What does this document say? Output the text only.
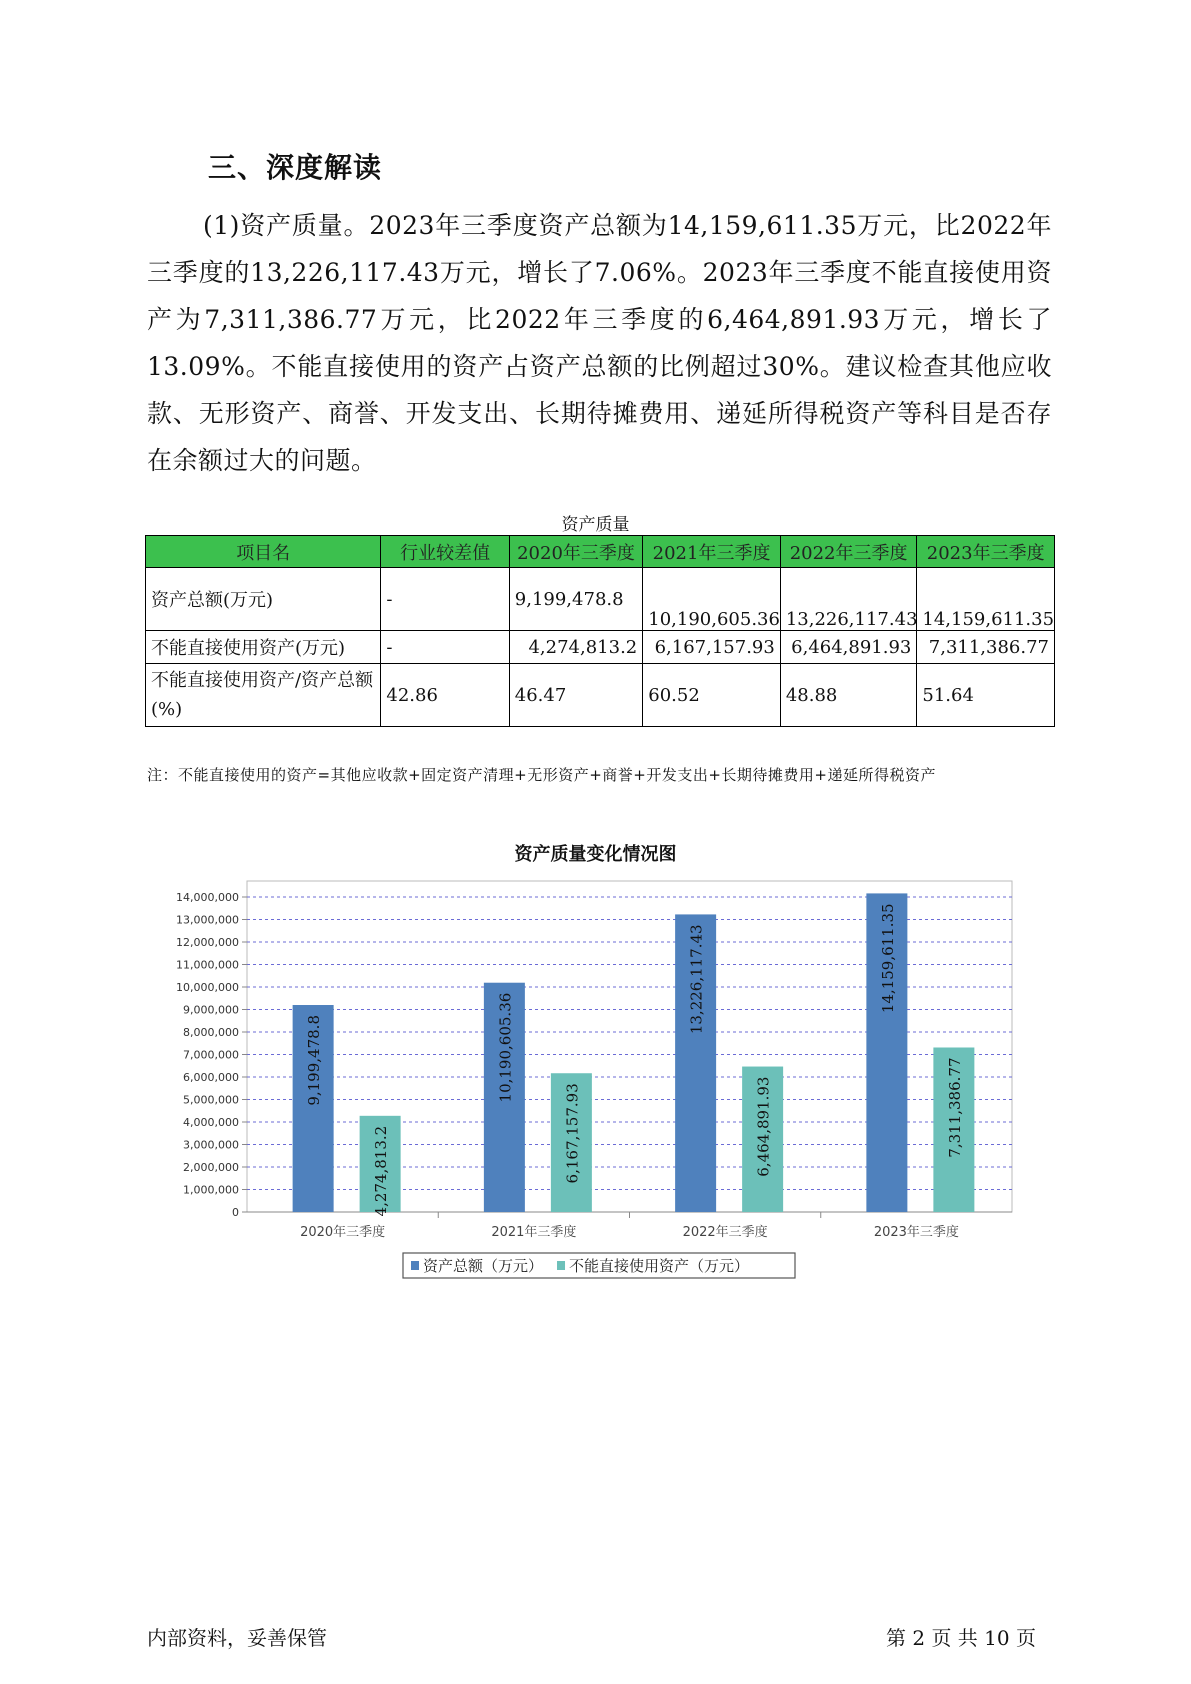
三、深度解读

(1)资产质量。2023年三季度资产总额为14,159,611.35万元，比2022年三季度的13,226,117.43万元，增长了7.06%。2023年三季度不能直接使用资产为7,311,386.77万元，比2022年三季度的6,464,891.93万元，增长了13.09%。不能直接使用的资产占资产总额的比例超过30%。建议检查其他应收款、无形资产、商誉、开发支出、长期待摊费用、递延所得税资产等科目是否存在余额过大的问题。

资产质量
项目名	行业较差值	2020年三季度	2021年三季度	2022年三季度	2023年三季度
资产总额(万元)	-	9,199,478.8	10,190,605.36	13,226,117.43	14,159,611.35
不能直接使用资产(万元)	-	4,274,813.2	6,167,157.93	6,464,891.93	7,311,386.77
不能直接使用资产/资产总额(%)	42.86	46.47	60.52	48.88	51.64
注：不能直接使用的资产=其他应收款+固定资产清理+无形资产+商誉+开发支出+长期待摊费用+递延所得税资产
资产质量变化情况图
0
1,000,000
2,000,000
3,000,000
4,000,000
5,000,000
6,000,000
7,000,000
8,000,000
9,000,000
10,000,000
11,000,000
12,000,000
13,000,000
14,000,000
2020年三季度
9,199,478.8
4,274,813.2
2021年三季度
10,190,605.36
6,167,157.93
2022年三季度
13,226,117.43
6,464,891.93
2023年三季度
14,159,611.35
7,311,386.77
资产总额（万元） 不能直接使用资产（万元）
内部资料，妥善保管	第 2 页 共 10 页
